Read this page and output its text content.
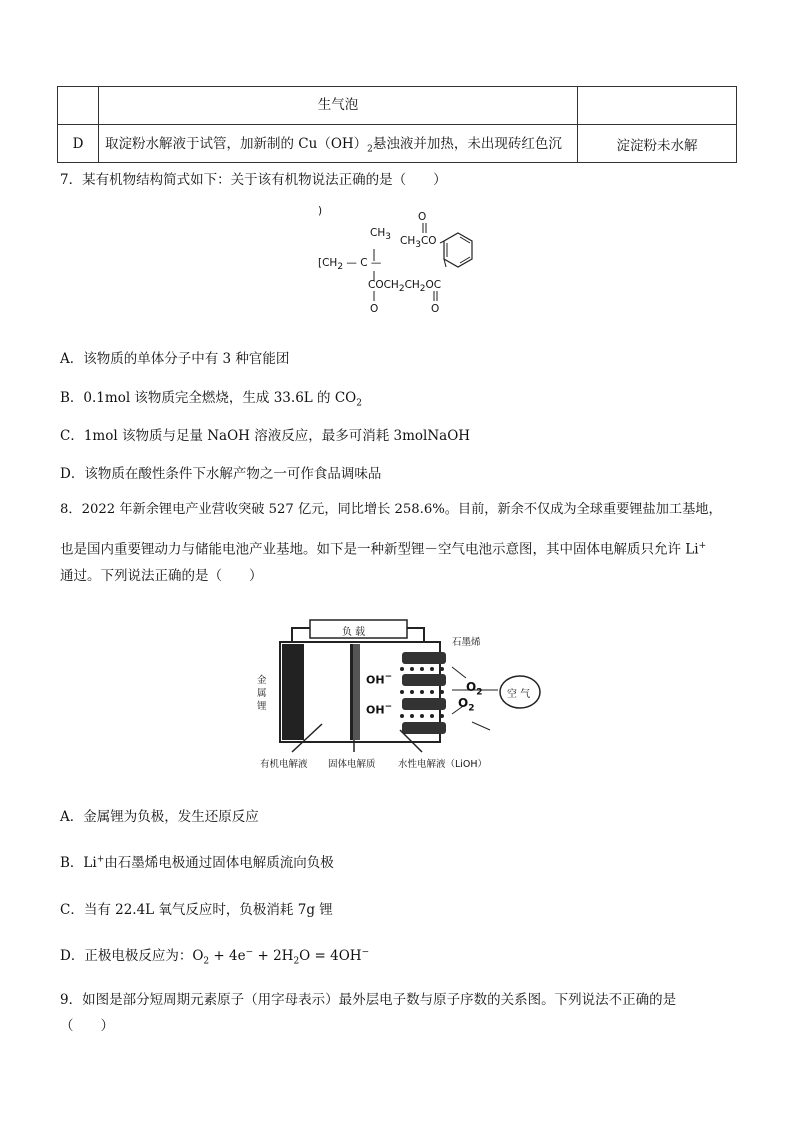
	生气泡	
D	取淀粉水解液于试管，加新制的 $Cu(OH)_2$悬浊液并加热，未出现砖红色沉	淀淀粉未水解
7．某有机物结构简式如下：关于该有机物说法正确的是（　　）
)
$CH_3$
O
$CH_3CO$
[$CH_2$ — C —
$COCH_2CH_2OC$
O	O
A．该物质的单体分子中有 3 种官能团
B．0.1mol 该物质完全燃烧，生成 33.6L 的 $CO_2$
C．1mol 该物质与足量 NaOH 溶液反应，最多可消耗 3molNaOH
D．该物质在酸性条件下水解产物之一可作食品调味品
8．2022 年新余锂电产业营收突破 527 亿元，同比增长 258.6%。目前，新余不仅成为全球重要锂盐加工基地，
也是国内重要锂动力与储能电池产业基地。如下是一种新型锂－空气电池示意图，其中固体电解质只允许 Li+
通过。下列说法正确的是（　　）
负 载
石墨烯
金属锂
OH−
OH−
$O_2$
$O_2$
空 气
有机电解液 固体电解质 水性电解液（LiOH）
A．金属锂为负极，发生还原反应
B．Li+由石墨烯电极通过固体电解质流向负极
C．当有 22.4L 氧气反应时，负极消耗 7g 锂
D．正极电极反应为：$O_2 + 4e^- + 2H_2O = 4OH^-$
9．如图是部分短周期元素原子（用字母表示）最外层电子数与原子序数的关系图。下列说法不正确的是
（　　）
